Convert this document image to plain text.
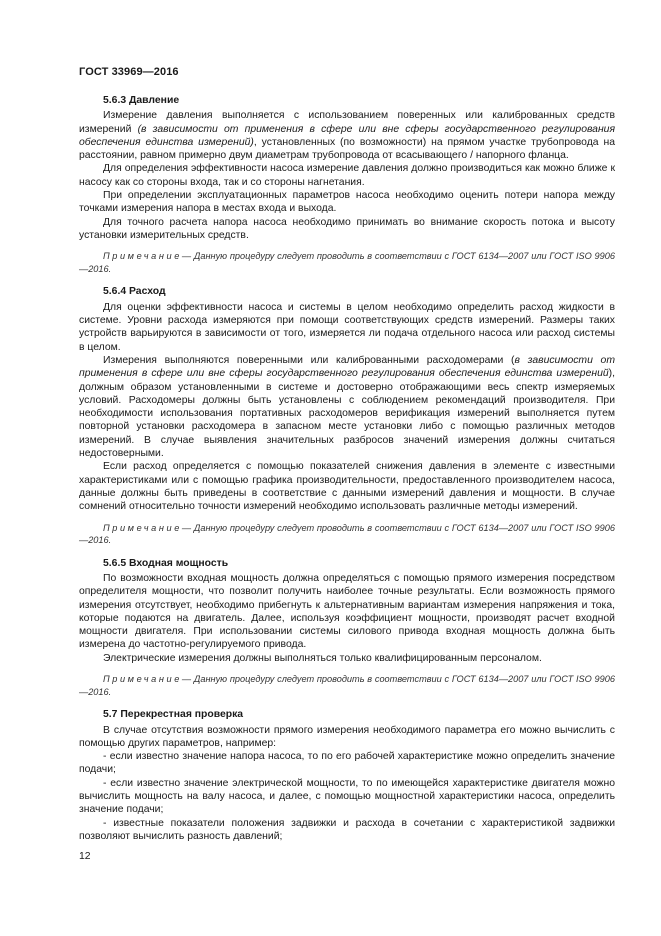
ГОСТ 33969—2016

5.6.3 Давление

Измерение давления выполняется с использованием поверенных или калиброванных средств измерений (в зависимости от применения в сфере или вне сферы государственного регулирования обеспечения единства измерений), установленных (по возможности) на прямом участке трубопровода на расстоянии, равном примерно двум диаметрам трубопровода от всасывающего / напорного фланца.

Для определения эффективности насоса измерение давления должно производиться как можно ближе к насосу как со стороны входа, так и со стороны нагнетания.

При определении эксплуатационных параметров насоса необходимо оценить потери напора между точками измерения напора в местах входа и выхода.

Для точного расчета напора насоса необходимо принимать во внимание скорость потока и высоту установки измерительных средств.

Примечание— Данную процедуру следует проводить в соответствии с ГОСТ 6134—2007 или ГОСТ ISO 9906—2016.

5.6.4 Расход

Для оценки эффективности насоса и системы в целом необходимо определить расход жидкости в системе. Уровни расхода измеряются при помощи соответствующих средств измерений. Размеры таких устройств варьируются в зависимости от того, измеряется ли подача отдельного насоса или расход системы в целом.

Измерения выполняются поверенными или калиброванными расходомерами (в зависимости от применения в сфере или вне сферы государственного регулирования обеспечения единства измерений), должным образом установленными в системе и достоверно отображающими весь спектр измеряемых условий. Расходомеры должны быть установлены с соблюдением рекомендаций производителя. При необходимости использования портативных расходомеров верификация измерений выполняется путем повторной установки расходомера в запасном месте установки либо с помощью различных методов измерений. В случае выявления значительных разбросов значений измерения должны считаться недостоверными.

Если расход определяется с помощью показателей снижения давления в элементе с известными характеристиками или с помощью графика производительности, предоставленного производителем насоса, данные должны быть приведены в соответствие с данными измерений давления и мощности. В случае сомнений относительно точности измерений необходимо использовать различные методы измерений.

Примечание— Данную процедуру следует проводить в соответствии с ГОСТ 6134—2007 или ГОСТ ISO 9906—2016.

5.6.5 Входная мощность

По возможности входная мощность должна определяться с помощью прямого измерения посредством определителя мощности, что позволит получить наиболее точные результаты. Если возможность прямого измерения отсутствует, необходимо прибегнуть к альтернативным вариантам измерения напряжения и тока, которые подаются на двигатель. Далее, используя коэффициент мощности, производят расчет входной мощности двигателя. При использовании системы силового привода входная мощность должна быть измерена до частотно-регулируемого привода.

Электрические измерения должны выполняться только квалифицированным персоналом.

Примечание— Данную процедуру следует проводить в соответствии с ГОСТ 6134—2007 или ГОСТ ISO 9906—2016.

5.7 Перекрестная проверка

В случае отсутствия возможности прямого измерения необходимого параметра его можно вычислить с помощью других параметров, например:

- если известно значение напора насоса, то по его рабочей характеристике можно определить значение подачи;

- если известно значение электрической мощности, то по имеющейся характеристике двигателя можно вычислить мощность на валу насоса, и далее, с помощью мощностной характеристики насоса, определить значение подачи;

- известные показатели положения задвижки и расхода в сочетании с характеристикой задвижки позволяют вычислить разность давлений;

12
